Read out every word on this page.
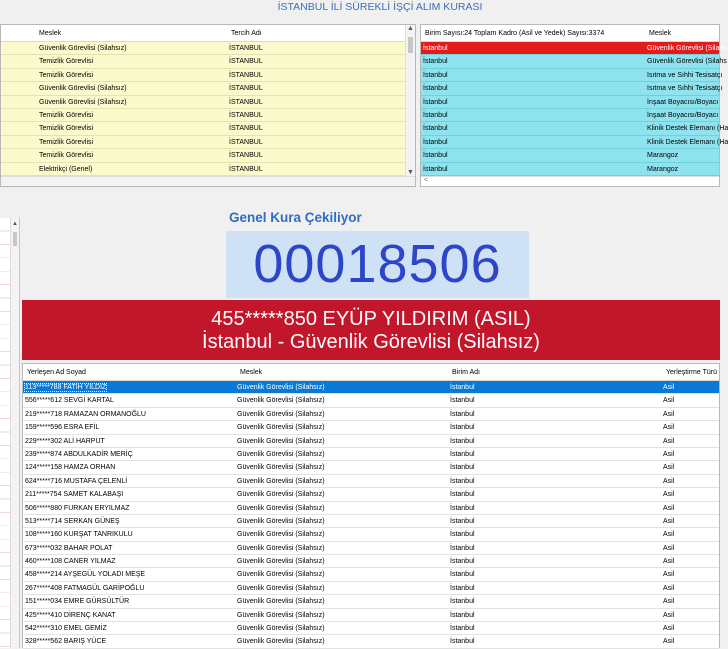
İSTANBUL İLİ SÜREKLİ İŞÇİ ALIM KURASI
Meslek	Tercih Adı
Güvenlik Görevlisi (Silahsız)	İSTANBUL
Temizlik Görevlisi	İSTANBUL
Temizlik Görevlisi	İSTANBUL
Güvenlik Görevlisi (Silahsız)	İSTANBUL
Güvenlik Görevlisi (Silahsız)	İSTANBUL
Temizlik Görevlisi	İSTANBUL
Temizlik Görevlisi	İSTANBUL
Temizlik Görevlisi	İSTANBUL
Temizlik Görevlisi	İSTANBUL
Elektrikçi (Genel)	İSTANBUL
▲
▼
Birim Sayısı:24 Toplam Kadro (Asil ve Yedek) Sayısı:3374	Meslek
İstanbul	Güvenlik Görevlisi (Silahs
İstanbul	Güvenlik Görevlisi (Silahs
İstanbul	Isıtma ve Sıhhi Tesisatçı
İstanbul	Isıtma ve Sıhhi Tesisatçı
İstanbul	İnşaat Boyacısı/Boyacı
İstanbul	İnşaat Boyacısı/Boyacı
İstanbul	Klinik Destek Elemanı (Ha
İstanbul	Klinik Destek Elemanı (Ha
İstanbul	Marangoz
İstanbul	Marangoz
<
▲	Genel Kura Çekiliyor
00018506
455*****850 EYÜP YILDIRIM (ASIL)
İstanbul - Güvenlik Görevlisi (Silahsız)
Yerleşen Ad Soyad	Meslek	Birim Adı	Yerleştirme Türü
113*****788 FATİH YILDIZ	Güvenlik Görevlisi (Silahsız)	İstanbul	Asil
556*****612 SEVGİ KARTAL	Güvenlik Görevlisi (Silahsız)	İstanbul	Asil
219*****718 RAMAZAN ORMANOĞLU	Güvenlik Görevlisi (Silahsız)	İstanbul	Asil
159*****596 ESRA EFİL	Güvenlik Görevlisi (Silahsız)	İstanbul	Asil
229*****302 ALİ HARPUT	Güvenlik Görevlisi (Silahsız)	İstanbul	Asil
239*****874 ABDULKADİR MERİÇ	Güvenlik Görevlisi (Silahsız)	İstanbul	Asil
124*****158 HAMZA ORHAN	Güvenlik Görevlisi (Silahsız)	İstanbul	Asil
624*****716 MUSTAFA ÇELENLİ	Güvenlik Görevlisi (Silahsız)	İstanbul	Asil
211*****754 SAMET KALABAŞI	Güvenlik Görevlisi (Silahsız)	İstanbul	Asil
506*****880 FURKAN ERYILMAZ	Güvenlik Görevlisi (Silahsız)	İstanbul	Asil
513*****714 SERKAN GÜNEŞ	Güvenlik Görevlisi (Silahsız)	İstanbul	Asil
108*****160 KURŞAT TANRIKULU	Güvenlik Görevlisi (Silahsız)	İstanbul	Asil
673*****032 BAHAR POLAT	Güvenlik Görevlisi (Silahsız)	İstanbul	Asil
460*****108 CANER YILMAZ	Güvenlik Görevlisi (Silahsız)	İstanbul	Asil
458*****214 AYŞEGÜL YOLADI MEŞE	Güvenlik Görevlisi (Silahsız)	İstanbul	Asil
267*****408 FATMAGÜL GARİPOĞLU	Güvenlik Görevlisi (Silahsız)	İstanbul	Asil
151*****034 EMRE GÜRSÜLTÜR	Güvenlik Görevlisi (Silahsız)	İstanbul	Asil
425*****410 DİRENÇ KANAT	Güvenlik Görevlisi (Silahsız)	İstanbul	Asil
542*****310 EMEL GEMİZ	Güvenlik Görevlisi (Silahsız)	İstanbul	Asil
328*****562 BARIŞ YÜCE	Güvenlik Görevlisi (Silahsız)	İstanbul	Asil
